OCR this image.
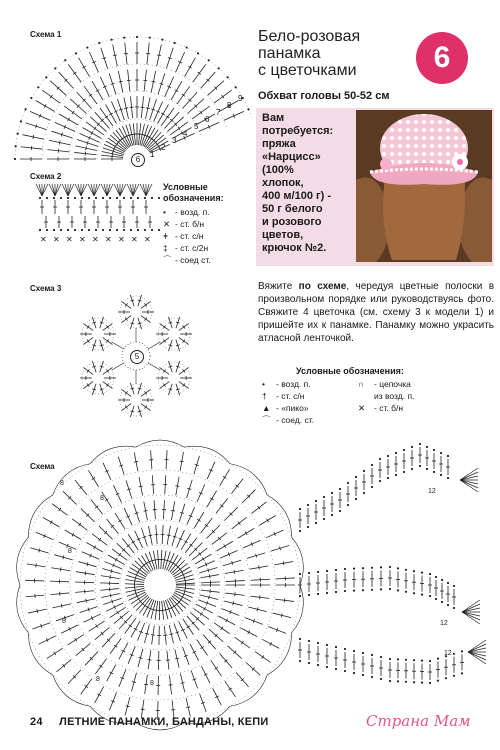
Схема 1
6
1
2
3
4
5
6
7
8
9
Схема 2
✕ ✕ ✕ ✕ ✕ ✕ ✕ ✕ ✕
Условные обозначения:
• - возд. п.
✕ - ст. б/н
ǂ - ст. с/н
‡ - ст. с/2н
⌒ - соед ст.
Схема 3
5
Бело-розовая
панамка
с цветочками	6
Обхват головы 50-52 см
Вам
потребуется:
пряжа
«Нарцисс»
(100%
хлопок,
400 м/100 г) -
50 г белого
и розового
цветов,
крючок №2.
Вяжите по схеме, чередуя цветные полоски в произвольном порядке или руководствуясь фото. Свяжите 4 цветочка (см. схему 3 к модели 1) и пришейте их к панамке. Панамку можно украсить атласной ленточкой.
Условные обозначения:
• - возд. п.
† - ст. с/н
▲ - «пико»
⌒ - соед. ст.
∩ - цепочка
из возд. п.
✕ - ст. б/н
Схема
8
8
8
8
8
8
12
12
12
24 ЛЕТНИЕ ПАНАМКИ, БАНДАНЫ, КЕПИ	Страна Мам
